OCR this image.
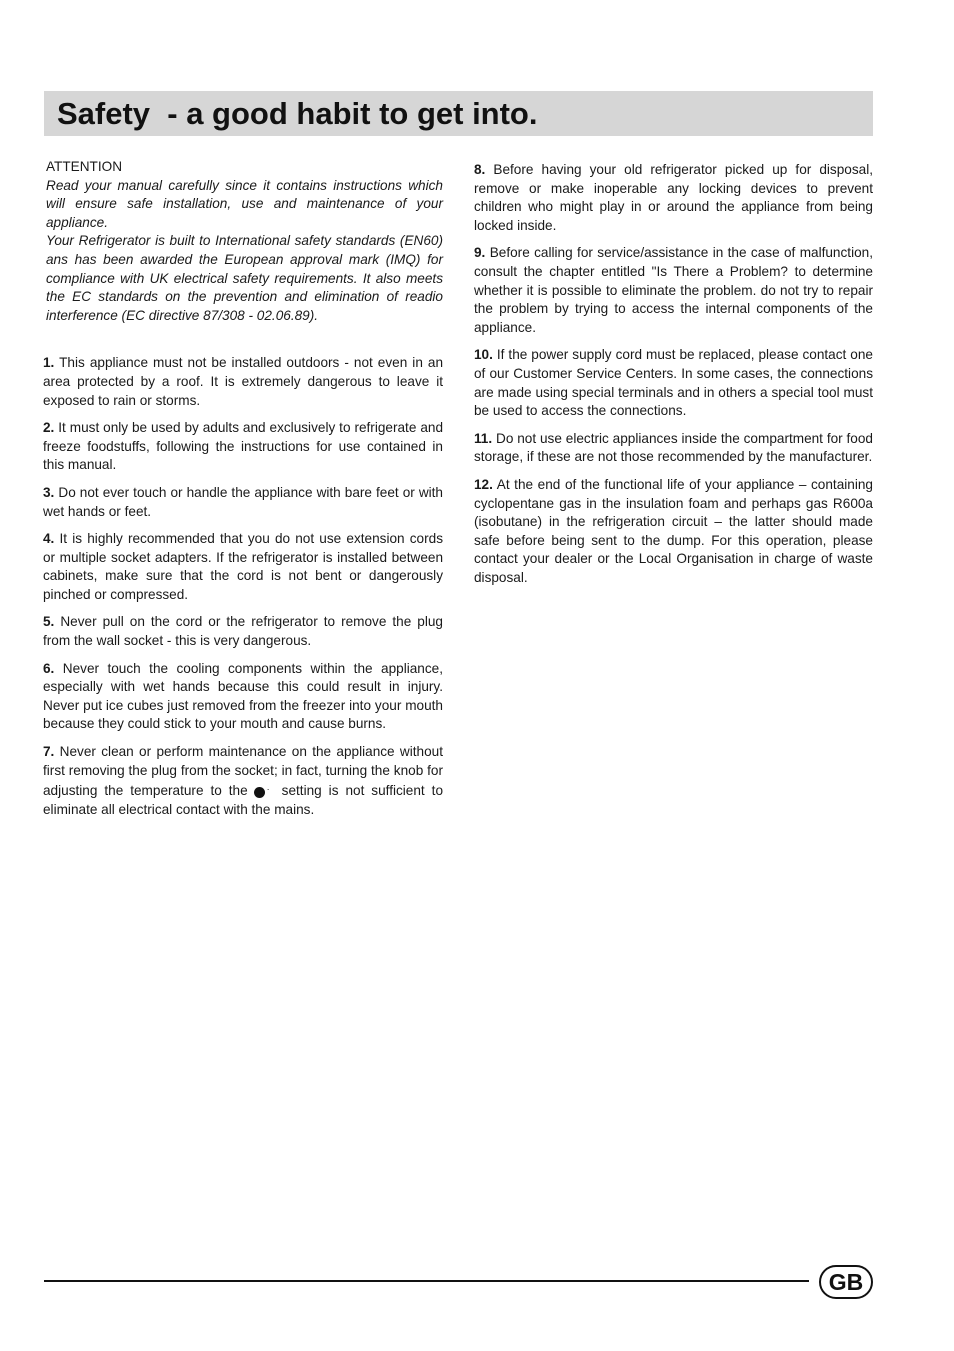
Safety  - a good habit to get into.
ATTENTION
Read your manual carefully since it contains instructions which will ensure safe installation, use and maintenance of your appliance.
Your Refrigerator is built to International safety standards (EN60) ans has been awarded the European approval mark (IMQ) for compliance with UK electrical safety requirements. It also meets the EC standards on the prevention and elimination of readio interference (EC directive 87/308 - 02.06.89).

1. This appliance must not be installed outdoors - not even in an area protected by a roof. It is extremely dangerous to leave it exposed to rain or storms.

2. It must only be used by adults and exclusively to refrigerate and freeze foodstuffs, following the instructions for use contained in this manual.

3. Do not ever touch or handle the appliance with bare feet or with wet hands or feet.

4. It is highly recommended that you do not use extension cords or multiple socket adapters. If the refrigerator is installed between cabinets, make sure that the cord is not bent or dangerously pinched or compressed.

5. Never pull on the cord or the refrigerator to remove the plug from the wall socket - this is very dangerous.

6. Never touch the cooling components within the appliance, especially with wet hands because this could result in injury. Never put ice cubes just removed from the freezer into your mouth because they could stick to your mouth and cause burns.

7. Never clean or perform maintenance on the appliance without first removing the plug from the socket; in fact, turning the knob for adjusting the temperature to the · setting is not sufficient to eliminate all electrical contact with the mains.

8. Before having your old refrigerator picked up for disposal, remove or make inoperable any locking devices to prevent children who might play in or around the appliance from being locked inside.

9. Before calling for service/assistance in the case of malfunction, consult the chapter entitled "Is There a Problem? to determine whether it is possible to eliminate the problem. do not try to repair the problem by trying to access the internal components of the appliance.

10. If the power supply cord must be replaced, please contact one of our Customer Service Centers. In some cases, the connections are made using special terminals and in others a special tool must be used to access the connections.

11. Do not use electric appliances inside the compartment for food storage, if these are not those recommended by the manufacturer.

12. At the end of the functional life of your appliance – containing cyclopentane gas in the insulation foam and perhaps gas R600a (isobutane) in the refrigeration circuit – the latter should made safe before being sent to the dump. For this operation, please contact your dealer or the Local Organisation in charge of waste disposal.

GB
